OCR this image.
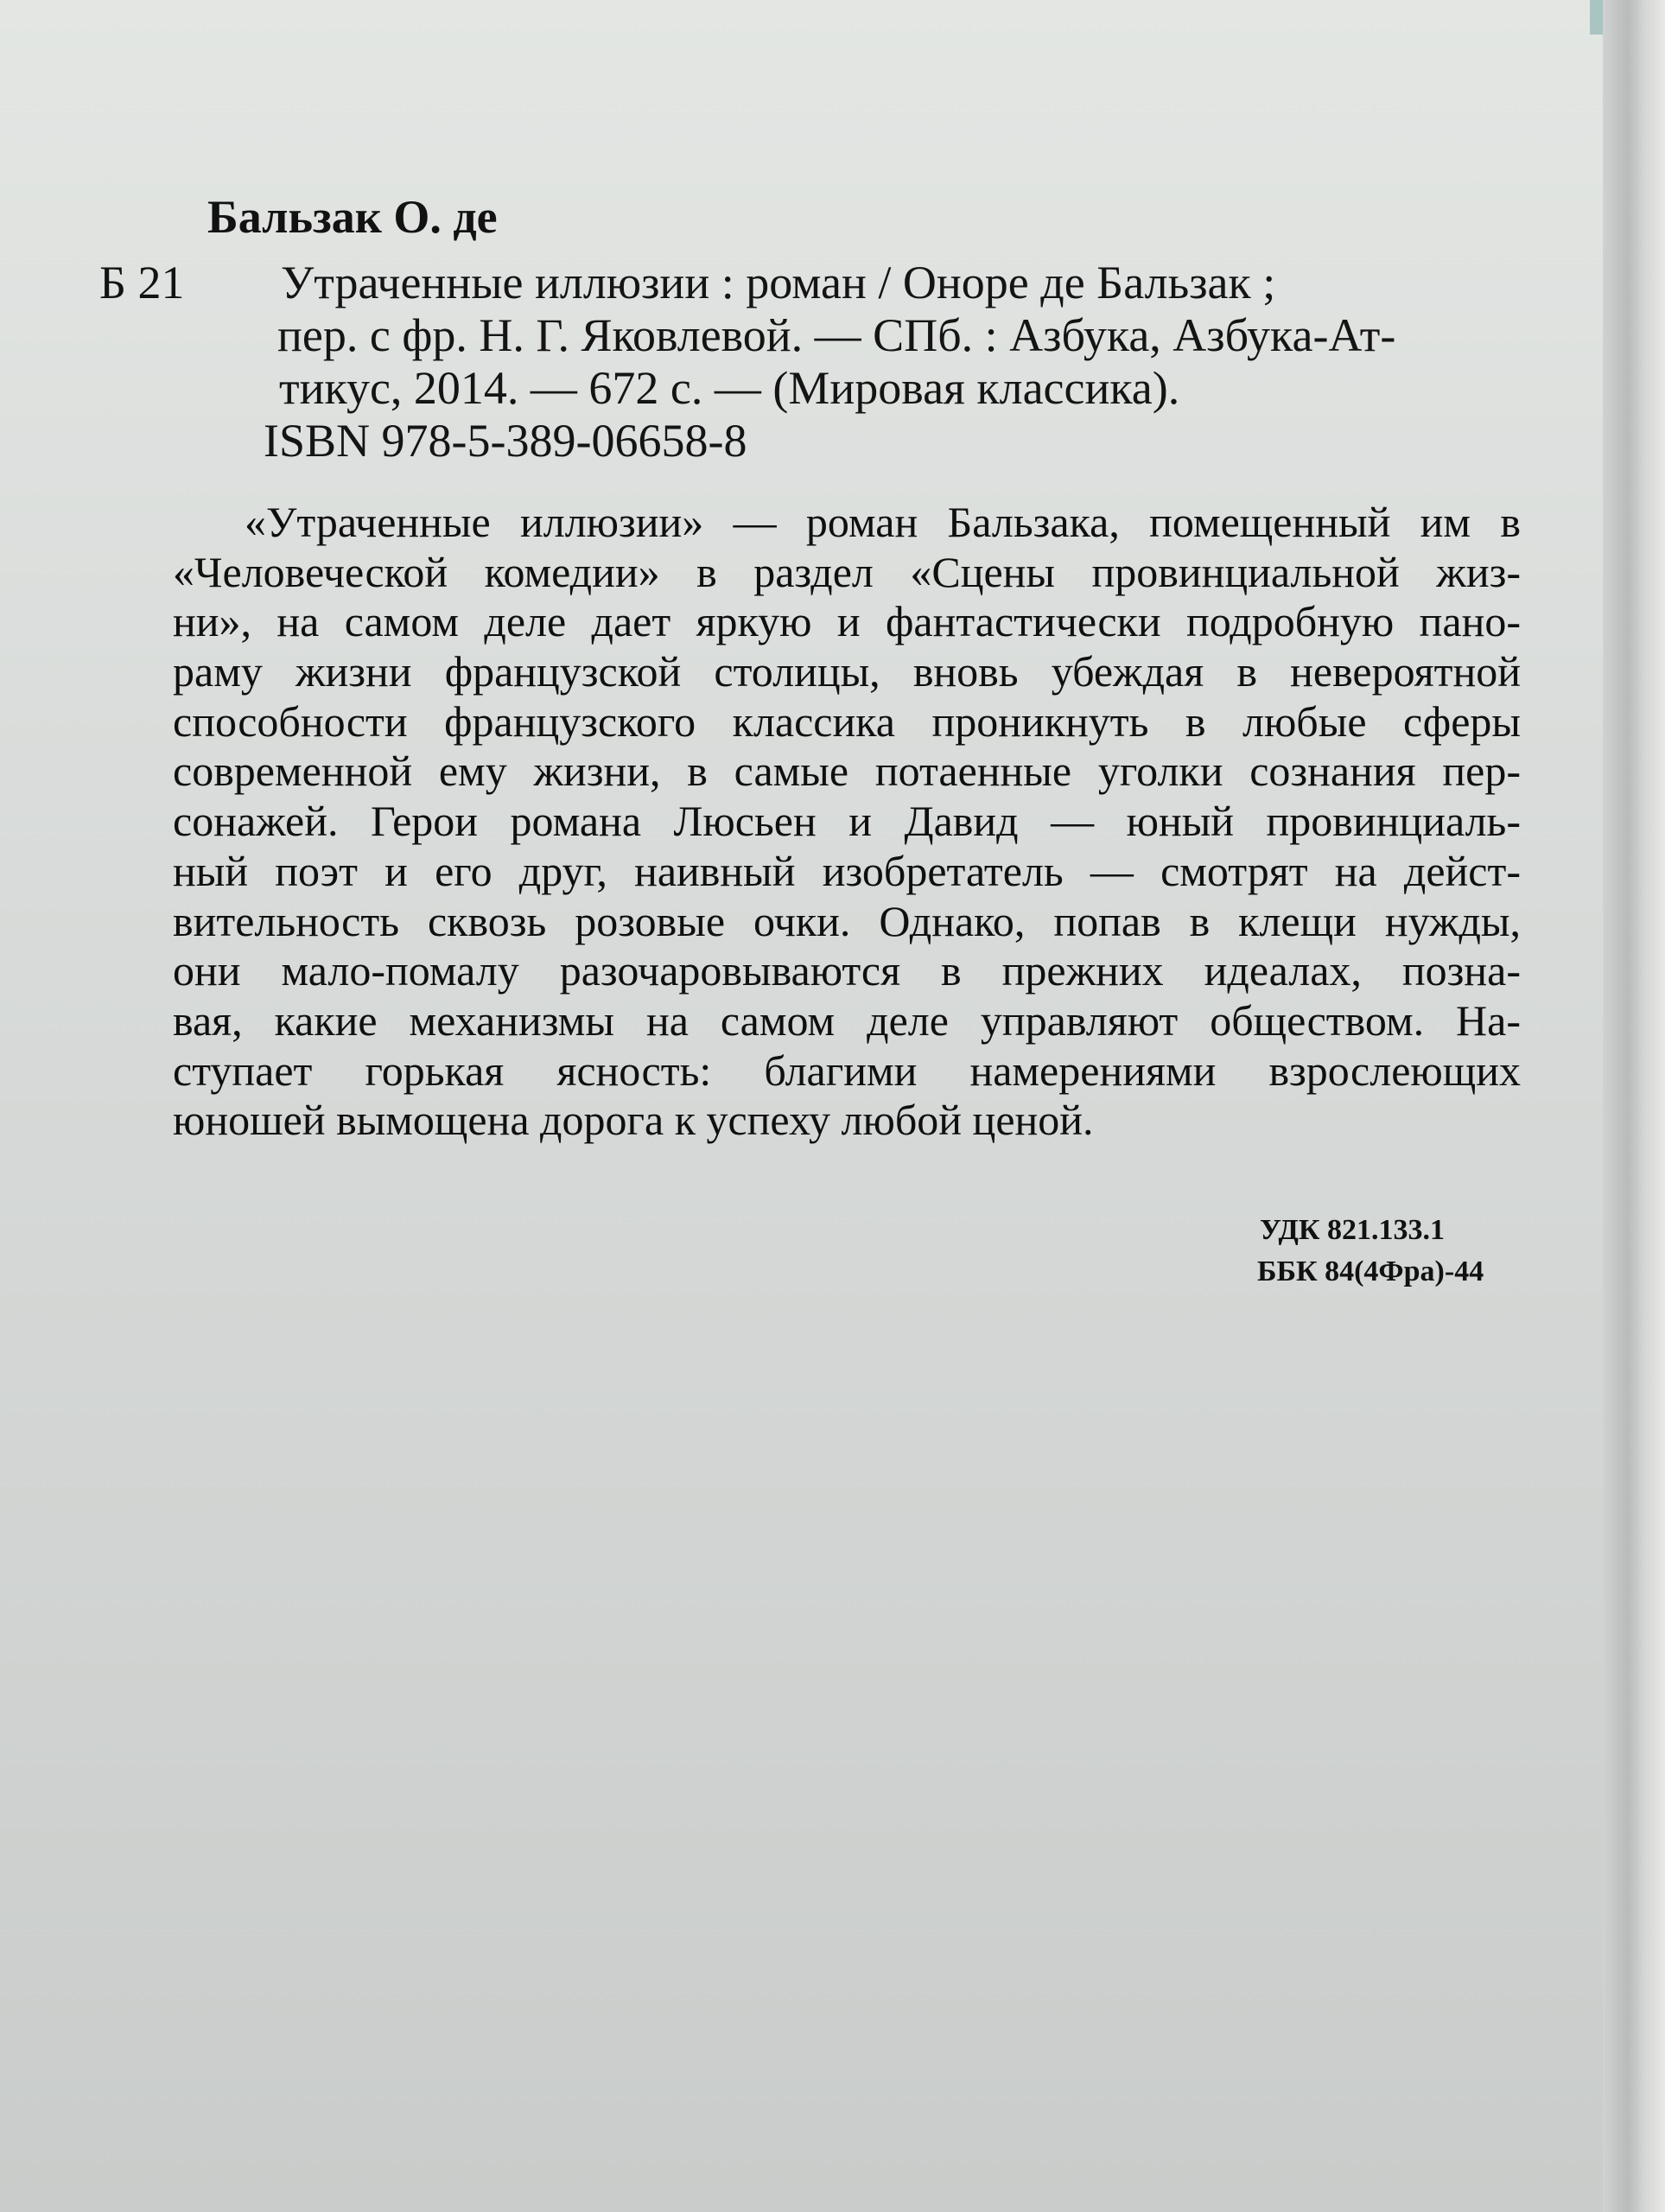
Бальзак О. де
Б 21 Утраченные иллюзии : роман / Оноре де Бальзак ;
пер. с фр. Н. Г. Яковлевой. — СПб. : Азбука, Азбука-Ат-
тикус, 2014. — 672 с. — (Мировая классика).
ISBN 978-5-389-06658-8
«Утраченные иллюзии» — роман Бальзака, помещенный им в
«Человеческой комедии» в раздел «Сцены провинциальной жиз-
ни», на самом деле дает яркую и фантастически подробную пано-
раму жизни французской столицы, вновь убеждая в невероятной
способности французского классика проникнуть в любые сферы
современной ему жизни, в самые потаенные уголки сознания пер-
сонажей. Герои романа Люсьен и Давид — юный провинциаль-
ный поэт и его друг, наивный изобретатель — смотрят на дейст-
вительность сквозь розовые очки. Однако, попав в клещи нужды,
они мало-помалу разочаровываются в прежних идеалах, позна-
вая, какие механизмы на самом деле управляют обществом. На-
ступает горькая ясность: благими намерениями взрослеющих
юношей вымощена дорога к успеху любой ценой.
УДК 821.133.1
ББК 84(4Фра)-44
